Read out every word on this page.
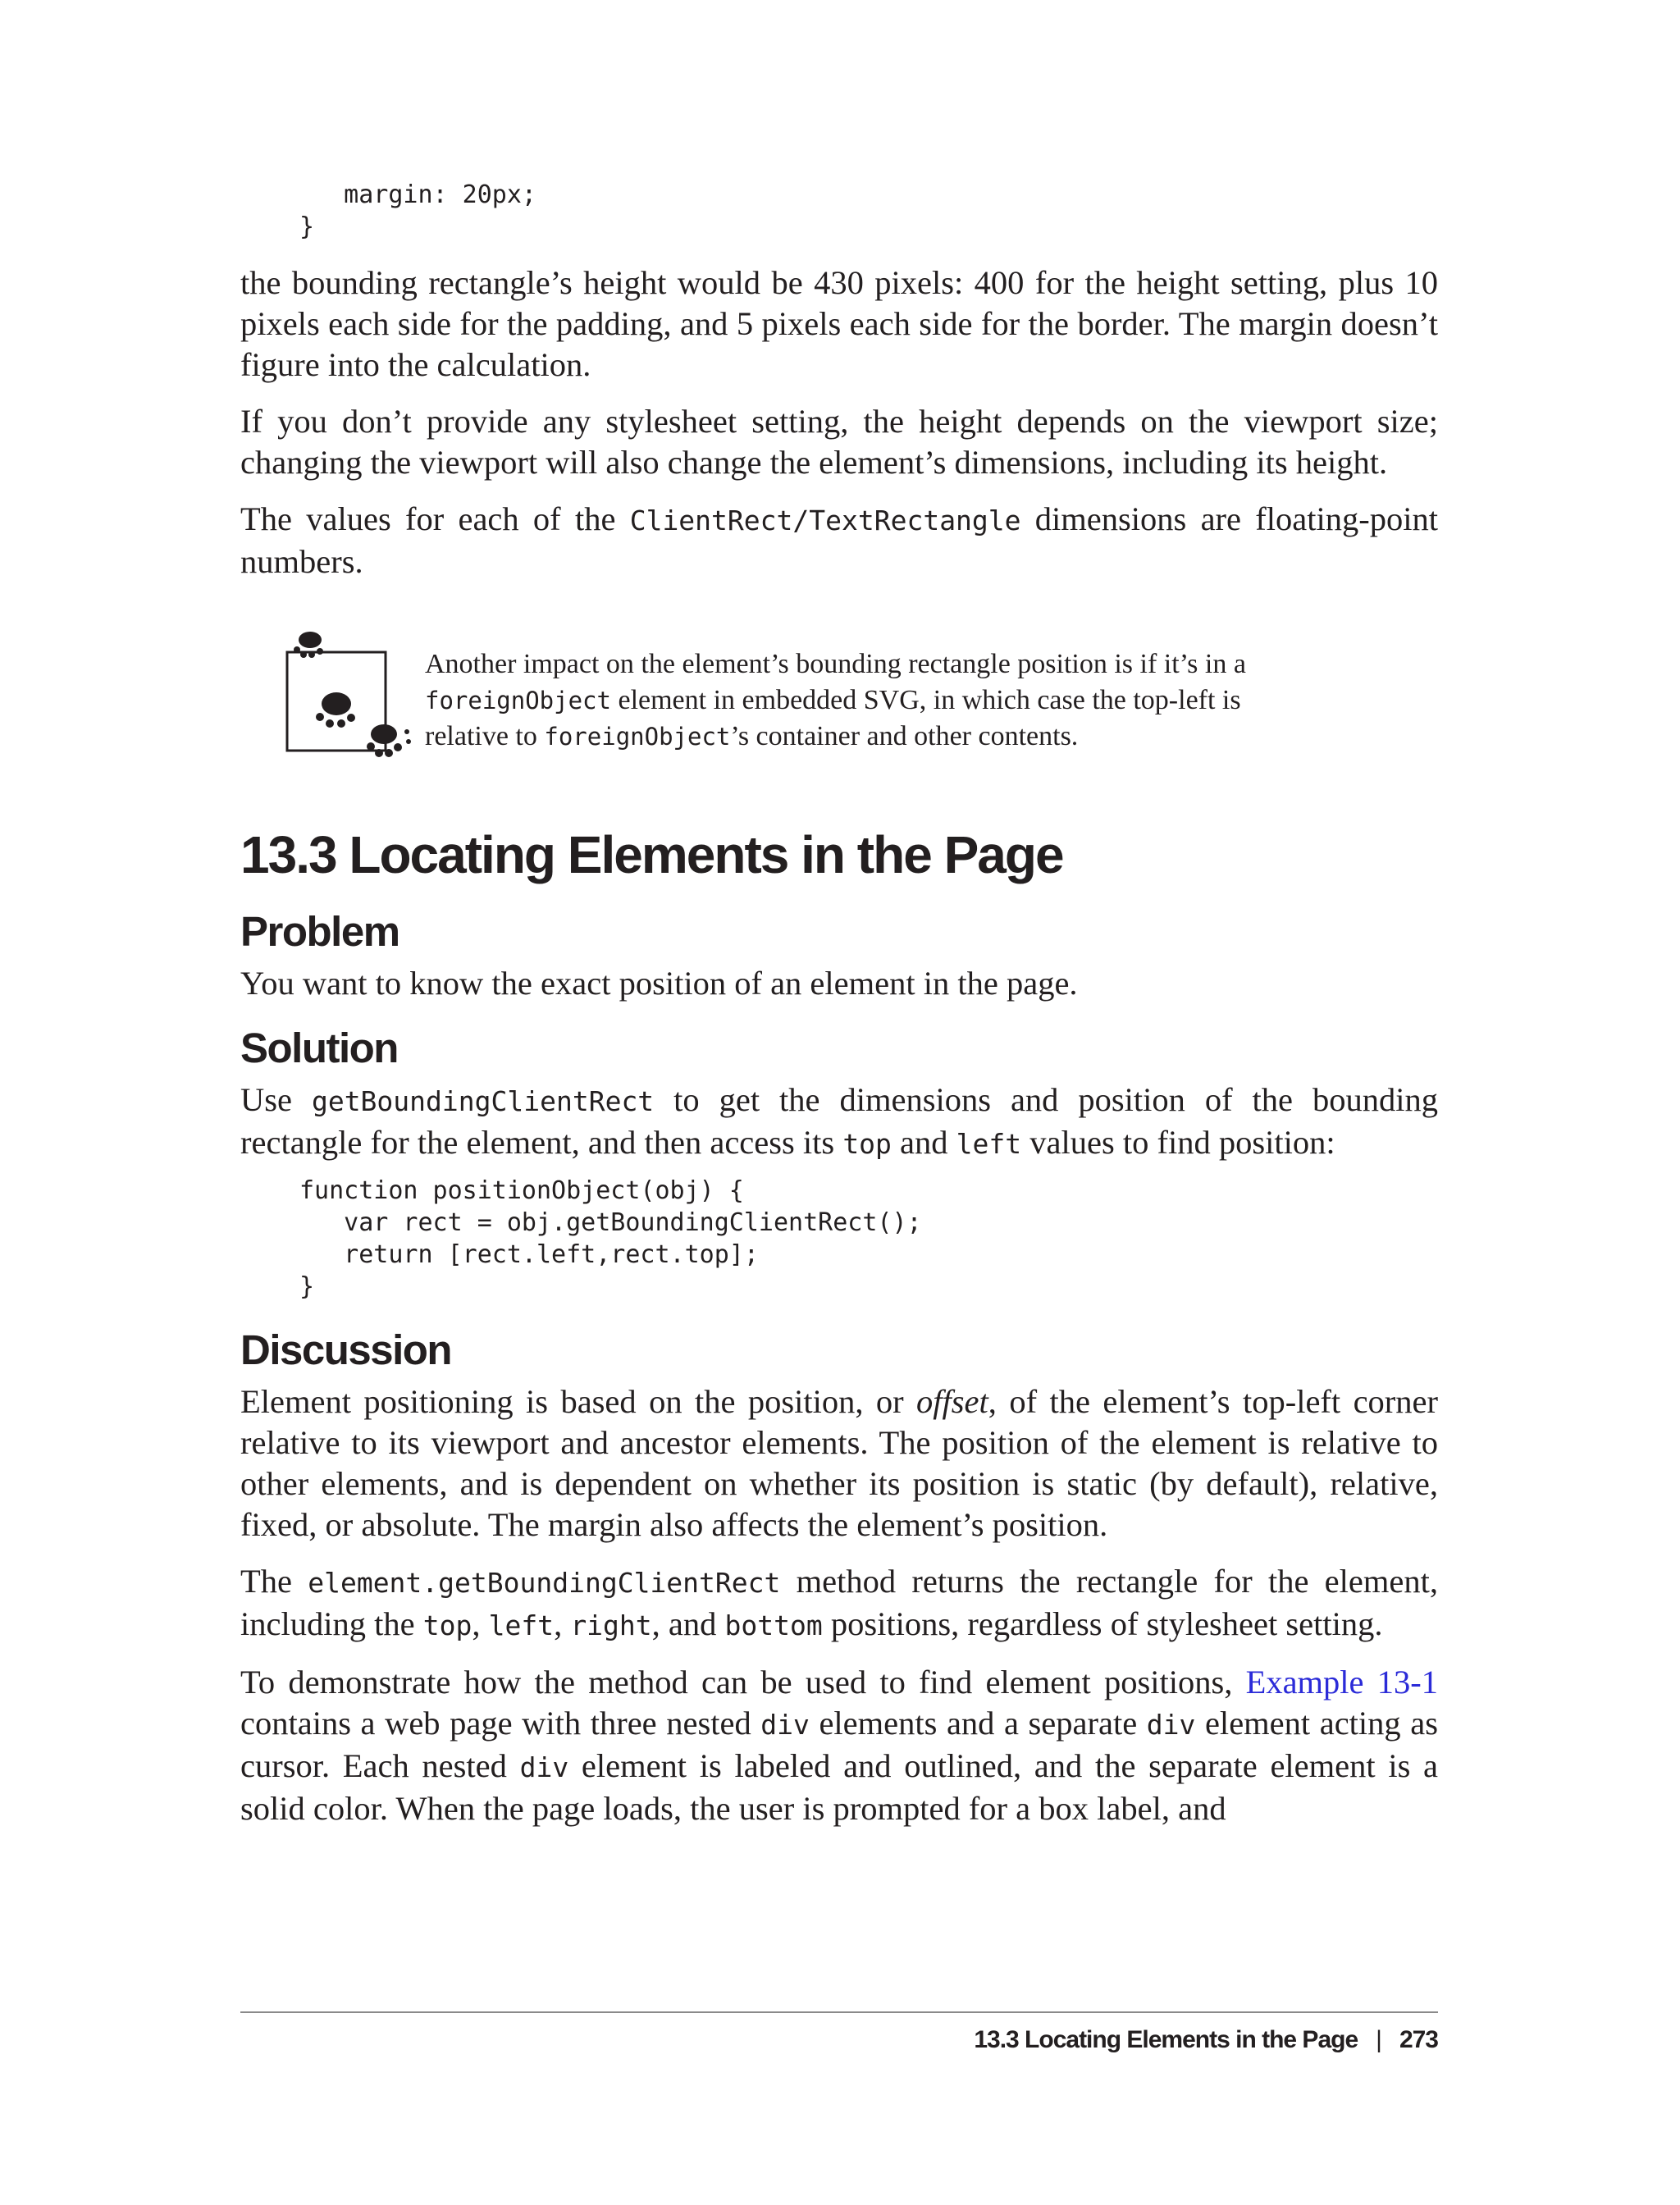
margin: 20px;
}

the bounding rectangle’s height would be 430 pixels: 400 for the height setting, plus 10 pixels each side for the padding, and 5 pixels each side for the border. The margin doesn’t figure into the calculation.

If you don’t provide any stylesheet setting, the height depends on the viewport size; changing the viewport will also change the element’s dimensions, including its height.

The values for each of the ClientRect/TextRectangle dimensions are floating-point numbers.

Another impact on the element’s bounding rectangle position is if it’s in a foreignObject element in embedded SVG, in which case the top-left is relative to foreignObject’s container and other contents.

13.3 Locating Elements in the Page
Problem

You want to know the exact position of an element in the page.

Solution

Use getBoundingClientRect to get the dimensions and position of the bounding rectangle for the element, and then access its top and left values to find position:

function positionObject(obj) {
var rect = obj.getBoundingClientRect();
return [rect.left,rect.top];
}
Discussion

Element positioning is based on the position, or offset, of the element’s top-left corner relative to its viewport and ancestor elements. The position of the element is relative to other elements, and is dependent on whether its position is static (by default), relative, fixed, or absolute. The margin also affects the element’s position.

The element.getBoundingClientRect method returns the rectangle for the element, including the top, left, right, and bottom positions, regardless of stylesheet setting.

To demonstrate how the method can be used to find element positions, Example 13-1 contains a web page with three nested div elements and a separate div element acting as cursor. Each nested div element is labeled and outlined, and the separate element is a solid color. When the page loads, the user is prompted for a box label, and

13.3 Locating Elements in the Page | 273
